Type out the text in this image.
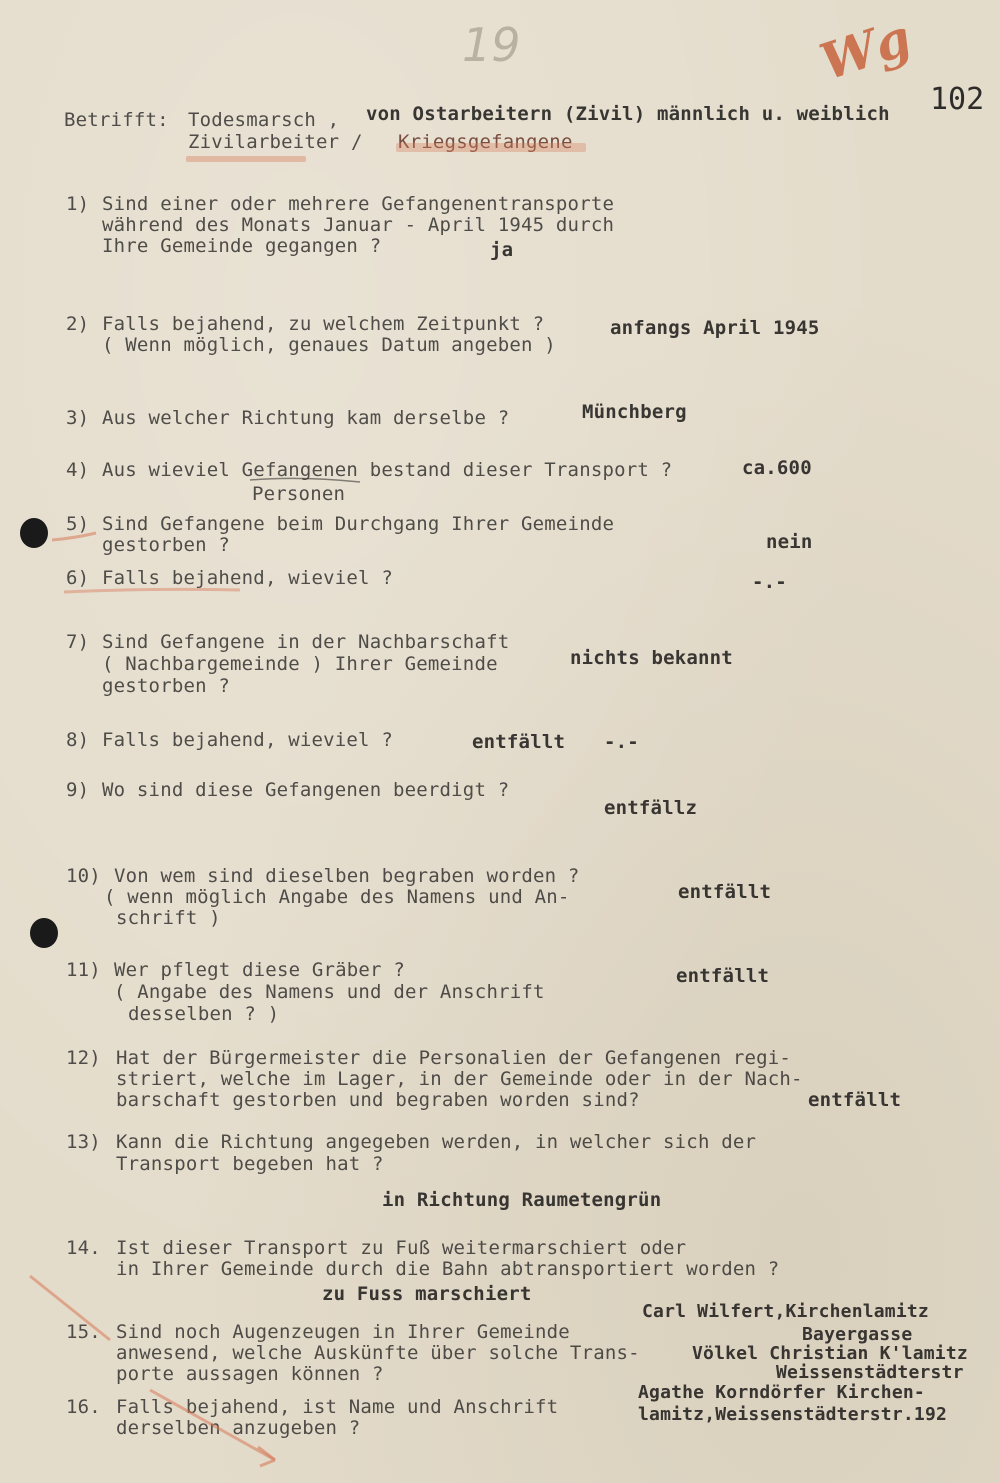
19	Wg
102
Betrifft: Todesmarsch , von Ostarbeitern (Zivil) männlich u. weiblich
Zivilarbeiter / Kriegsgefangene
1) Sind einer oder mehrere Gefangenentransporte
während des Monats Januar - April 1945 durch
Ihre Gemeinde gegangen ?	ja
2) Falls bejahend, zu welchem Zeitpunkt ?
( Wenn möglich, genaues Datum angeben )
anfangs April 1945
3) Aus welcher Richtung kam derselbe ?	Münchberg
4) Aus wieviel Gefangenen bestand dieser Transport ?	ca.600
Personen
5) Sind Gefangene beim Durchgang Ihrer Gemeinde
gestorben ?	nein
6) Falls bejahend, wieviel ?	-.-
7) Sind Gefangene in der Nachbarschaft
( Nachbargemeinde ) Ihrer Gemeinde
gestorben ?
nichts bekannt
8) Falls bejahend, wieviel ?	entfällt -.-
9) Wo sind diese Gefangenen beerdigt ?
entfällz
10) Von wem sind dieselben begraben worden ?
( wenn möglich Angabe des Namens und An-
schrift )
entfällt
11) Wer pflegt diese Gräber ?
( Angabe des Namens und der Anschrift
desselben ? )
entfällt
12) Hat der Bürgermeister die Personalien der Gefangenen regi-
striert, welche im Lager, in der Gemeinde oder in der Nach-
barschaft gestorben und begraben worden sind?	entfällt
13) Kann die Richtung angegeben werden, in welcher sich der
Transport begeben hat ?
in Richtung Raumetengrün
14. Ist dieser Transport zu Fuß weitermarschiert oder
in Ihrer Gemeinde durch die Bahn abtransportiert worden ?
zu Fuss marschiert
15. Sind noch Augenzeugen in Ihrer Gemeinde
anwesend, welche Auskünfte über solche Trans-
porte aussagen können ?
16. Falls bejahend, ist Name und Anschrift
derselben anzugeben ?
Carl Wilfert,Kirchenlamitz
Bayergasse
Völkel Christian K'lamitz
Weissenstädterstr
Agathe Korndörfer Kirchen-
lamitz,Weissenstädterstr.192
